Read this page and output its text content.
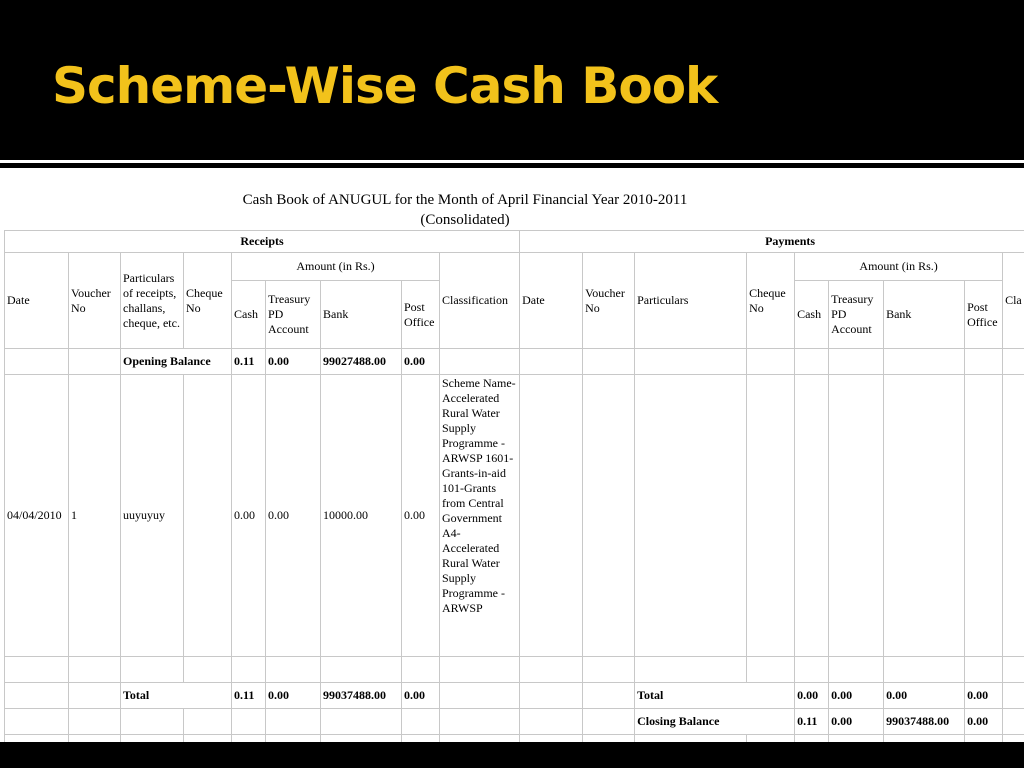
Scheme-Wise Cash Book
Cash Book of ANUGUL for the Month of April Financial Year 2010-2011
(Consolidated)
Receipts									Payments								
Date	Voucher No	Particulars of receipts, challans, cheque, etc.	Cheque No	Amount (in Rs.)				Classification	Date	Voucher No	Particulars	Cheque No	Amount (in Rs.)				Cla
				Cash	Treasury PD Account	Bank	Post Office						Cash	Treasury PD Account	Bank	Post Office	
		Opening Balance		0.11	0.00	99027488.00	0.00										
04/04/2010	1	uuyuyuy		0.00	0.00	10000.00	0.00	Scheme Name-Accelerated Rural Water Supply Programme - ARWSP 1601-Grants-in-aid 101-Grants from Central Government A4-Accelerated Rural Water Supply Programme - ARWSP									

		Total		0.11	0.00	99037488.00	0.00				Total		0.00	0.00	0.00	0.00	
											Closing Balance		0.11	0.00	99037488.00	0.00	
